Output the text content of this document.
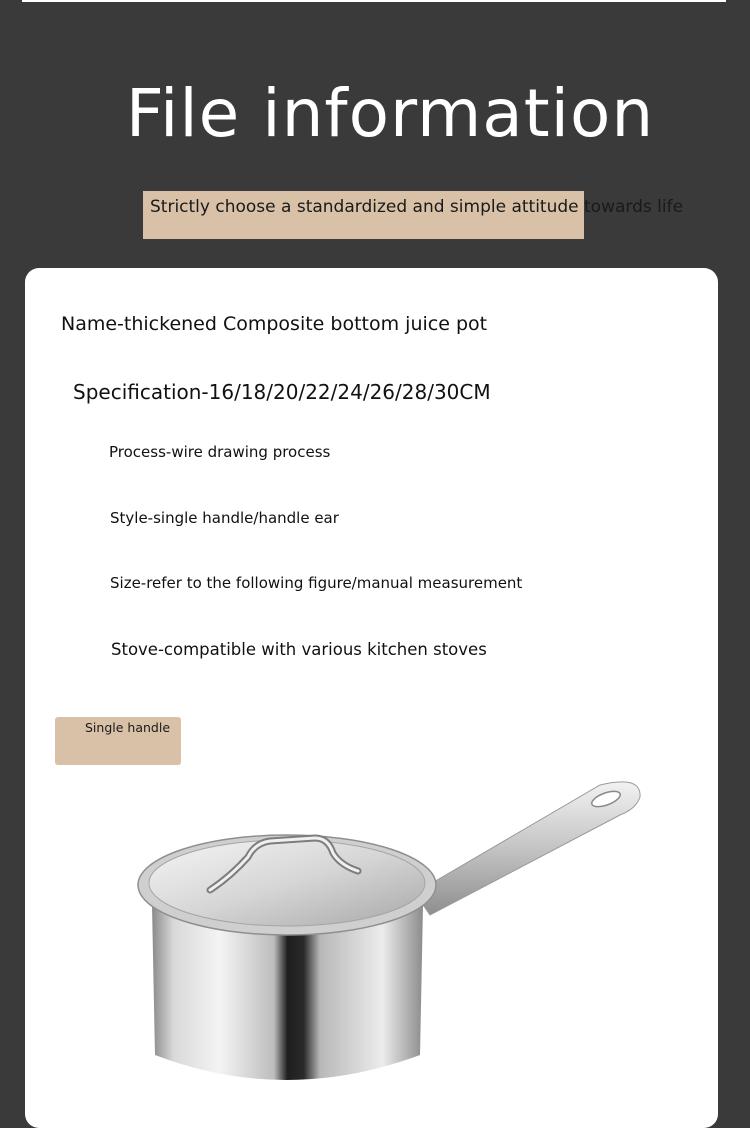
File information
Strictly choose a standardized and simple attitude towards life
Name-thickened Composite bottom juice pot
Specification-16/18/20/22/24/26/28/30CM
Process-wire drawing process
Style-single handle/handle ear
Size-refer to the following figure/manual measurement
Stove-compatible with various kitchen stoves
Single handle
